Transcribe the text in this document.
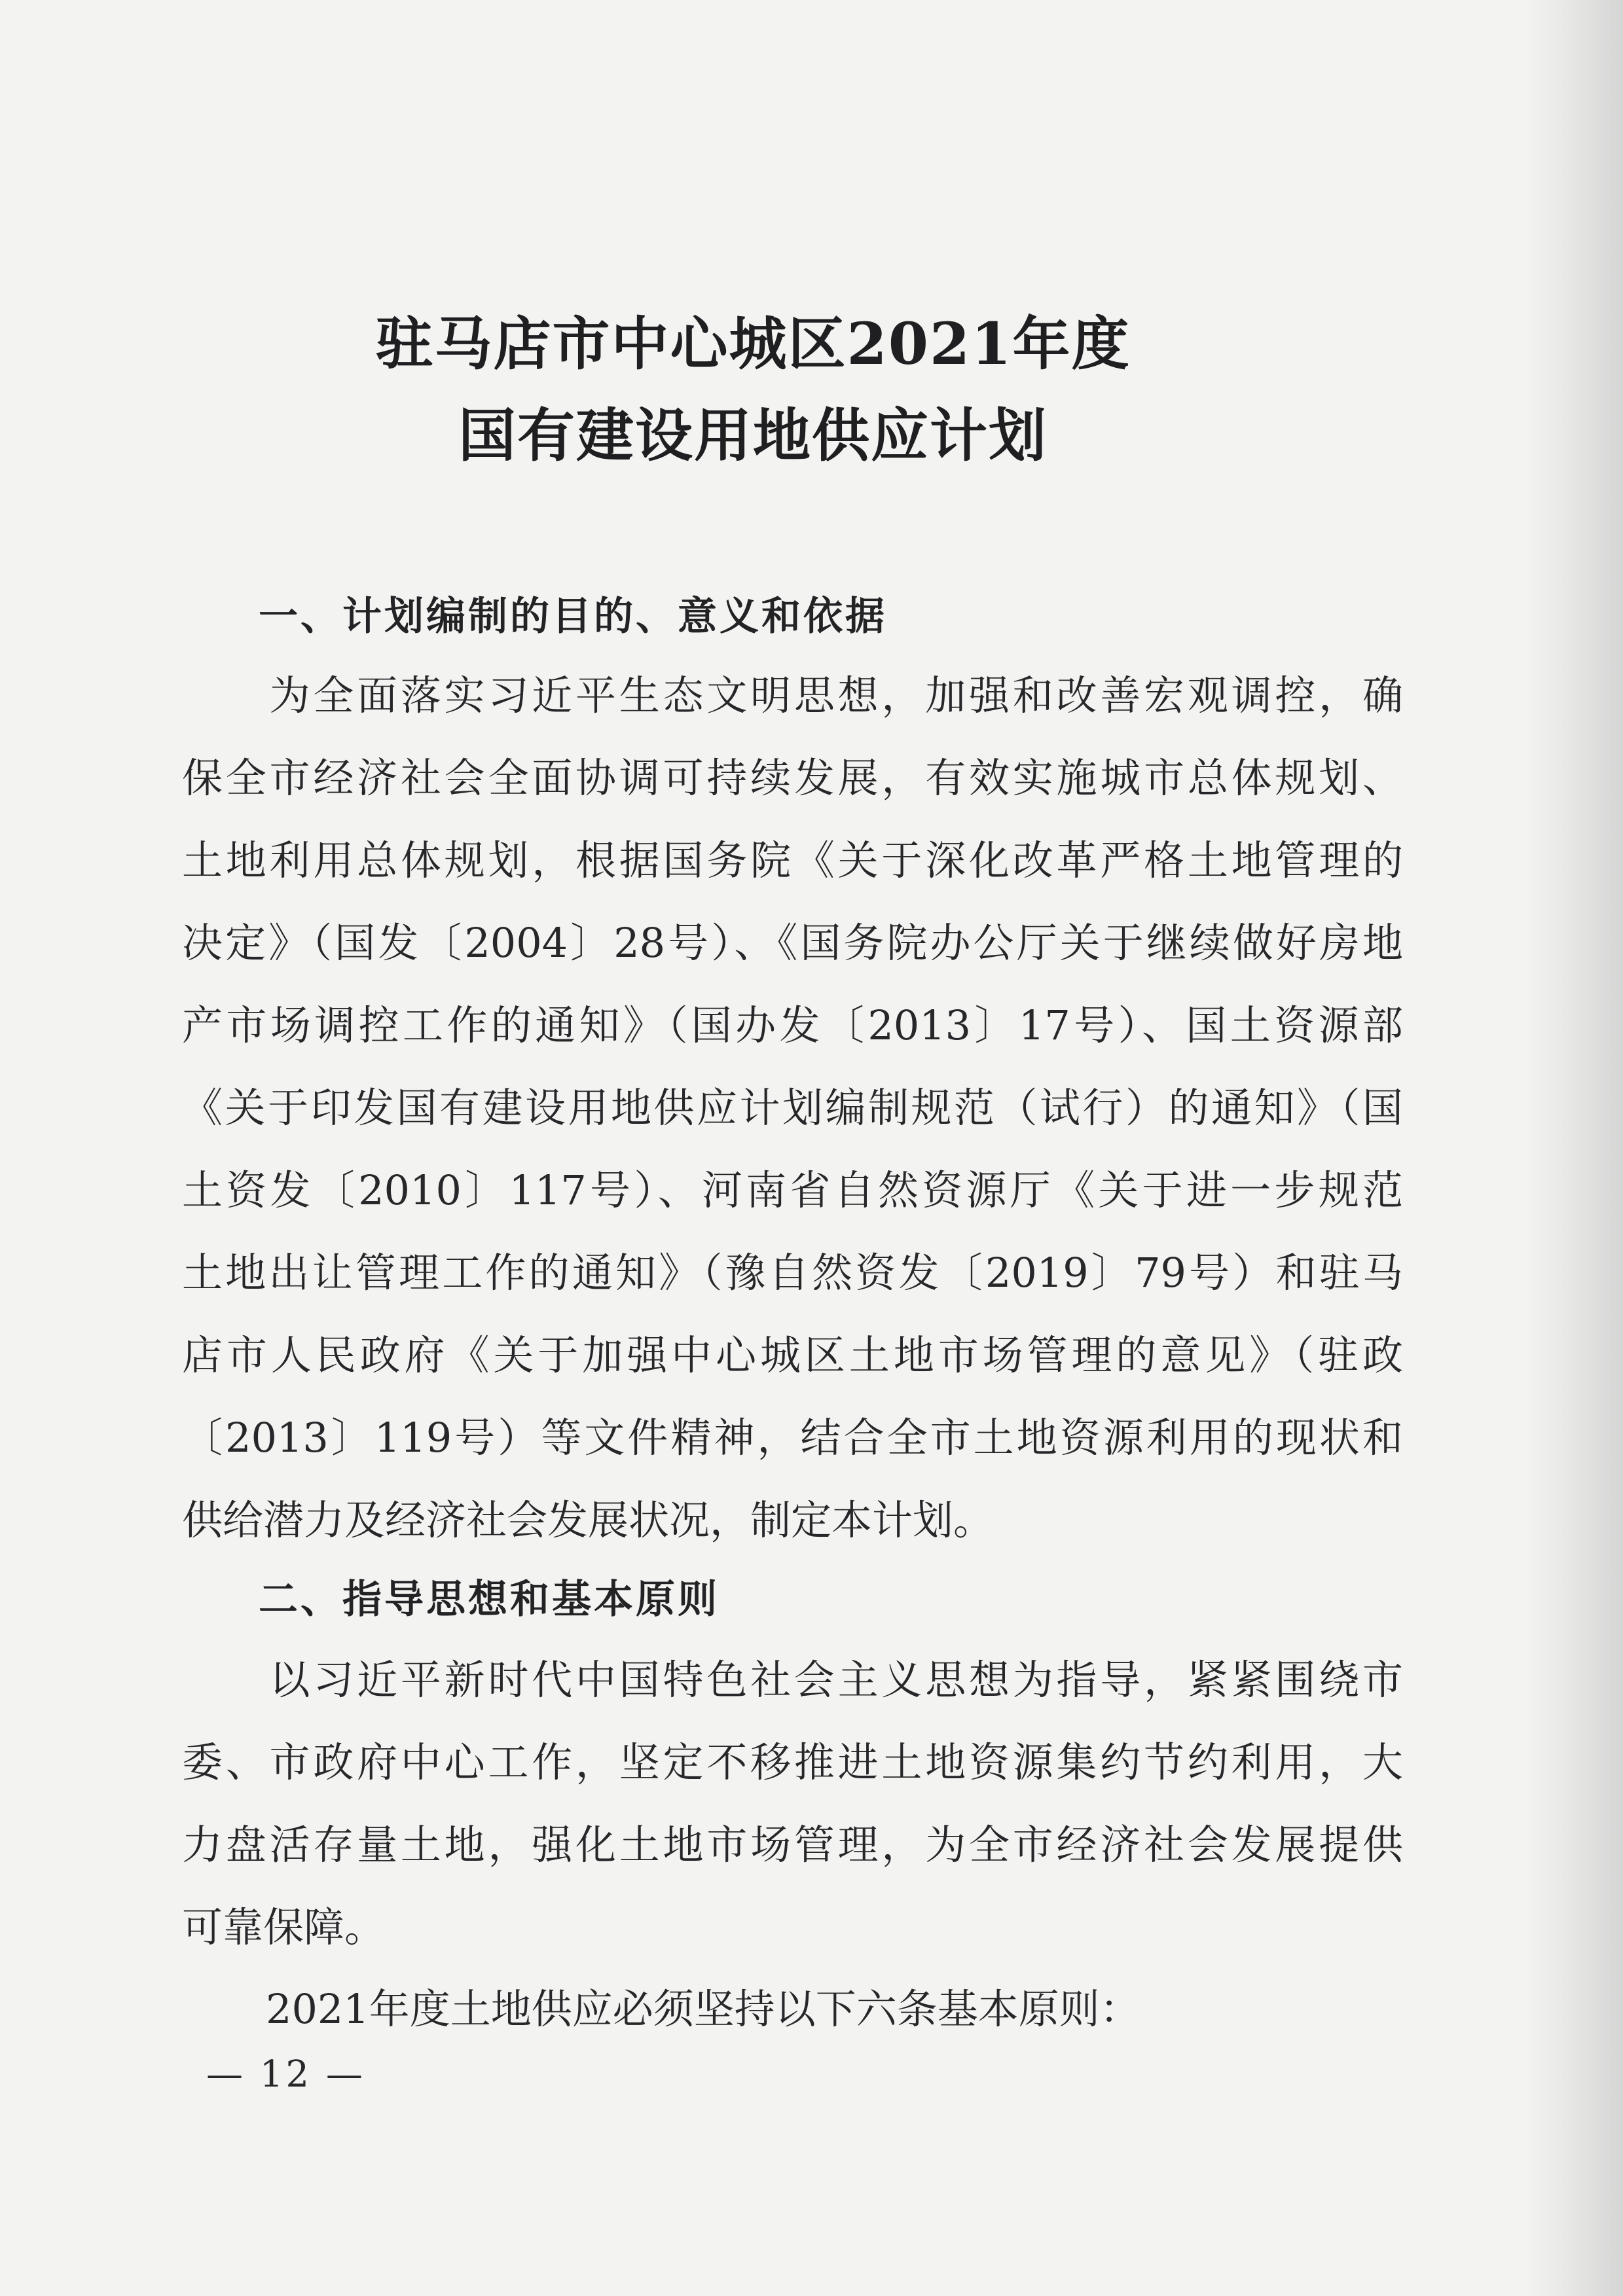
驻马店市中心城区2021年度
国有建设用地供应计划
一、计划编制的目的、意义和依据

　　为全面落实习近平生态文明思想，加强和改善宏观调控，确
保全市经济社会全面协调可持续发展，有效实施城市总体规划、
土地利用总体规划，根据国务院《关于深化改革严格土地管理的
决定》（国发〔2004〕28号）、《国务院办公厅关于继续做好房地
产市场调控工作的通知》（国办发〔2013〕17号）、国土资源部
《关于印发国有建设用地供应计划编制规范（试行）的通知》（国
土资发〔2010〕117号）、河南省自然资源厅《关于进一步规范
土地出让管理工作的通知》（豫自然资发〔2019〕79号）和驻马
店市人民政府《关于加强中心城区土地市场管理的意见》（驻政
〔2013〕119号）等文件精神，结合全市土地资源利用的现状和
供给潜力及经济社会发展状况，制定本计划。

二、指导思想和基本原则

　　以习近平新时代中国特色社会主义思想为指导，紧紧围绕市
委、市政府中心工作，坚定不移推进土地资源集约节约利用，大
力盘活存量土地，强化土地市场管理，为全市经济社会发展提供
可靠保障。

2021年度土地供应必须坚持以下六条基本原则：

— 12 —
